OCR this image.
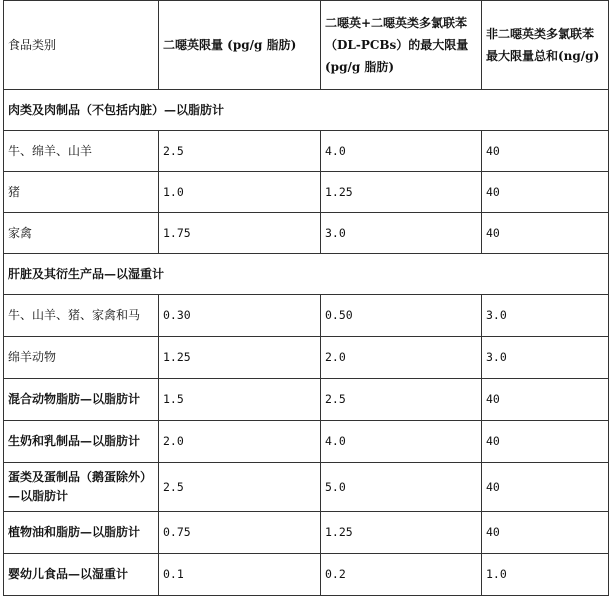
食品类别	二噁英限量 (pg/g 脂肪)	二噁英+二噁英类多氯联苯（DL-PCBs）的最大限量 (pg/g 脂肪)	非二噁英类多氯联苯最大限量总和(ng/g)
肉类及肉制品（不包括内脏）—以脂肪计			
牛、绵羊、山羊	2.5	4.0	40
猪	1.0	1.25	40
家禽	1.75	3.0	40
肝脏及其衍生产品—以湿重计			
牛、山羊、猪、家禽和马	0.30	0.50	3.0
绵羊动物	1.25	2.0	3.0
混合动物脂肪—以脂肪计	1.5	2.5	40
生奶和乳制品—以脂肪计	2.0	4.0	40
蛋类及蛋制品（鹅蛋除外）—以脂肪计	2.5	5.0	40
植物油和脂肪—以脂肪计	0.75	1.25	40
婴幼儿食品—以湿重计	0.1	0.2	1.0
